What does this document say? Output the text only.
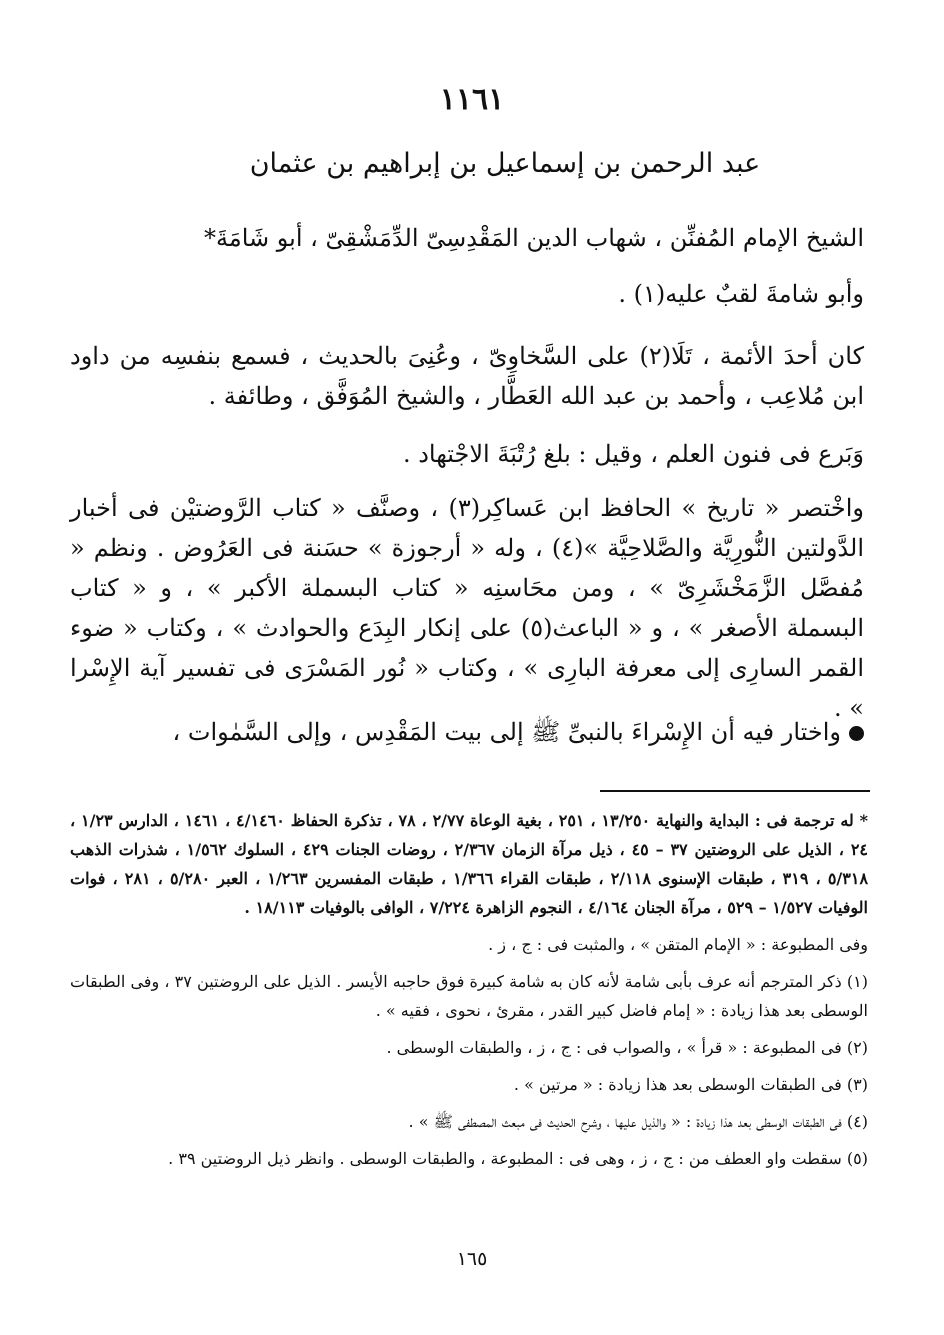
١١٦١
عبد الرحمن بن إسماعيل بن إبراهيم بن عثمان
الشيخ الإمام المُفنِّن ، شهاب الدين المَقْدِسِىّ الدِّمَشْقِىّ ، أبو شَامَةَ*
وأبو شامةَ لقبٌ عليه(١) .
كان أحدَ الأئمة ، تَلَا(٢) على السَّخاوِىّ ، وعُنِىَ بالحديث ، فسمع بنفسِه من داود ابن مُلاعِب ، وأحمد بن عبد الله العَطَّار ، والشيخ المُوَفَّق ، وطائفة .
وَبَرع فى فنون العلم ، وقيل : بلغ رُتْبَةَ الاجْتهاد .
واخْتصر « تاريخ » الحافظ ابن عَساكِر(٣) ، وصنَّف « كتاب الرَّوضتيْن فى أخبار الدَّولتين النُّورِيَّة والصَّلاحِيَّة »(٤) ، وله « أرجوزة » حسَنة فى العَرُوض . ونظم « مُفصَّل الزَّمَخْشَرِىّ » ، ومن محَاسنِه « كتاب البسملة الأكبر » ، و « كتاب البسملة الأصغر » ، و « الباعث(٥) على إنكار البِدَع والحوادث » ، وكتاب « ضوء القمر السارِى إلى معرفة البارِى » ، وكتاب « نُور المَسْرَى فى تفسير آية الإِسْرا » .
واختار فيه أن الإِسْراءَ بالنبىِّ ﷺ إلى بيت المَقْدِس ، وإلى السَّمٰوات ،
* له ترجمة فى : البداية والنهاية ١٣/٢٥٠ ، ٢٥١ ، بغية الوعاة ٢/٧٧ ، ٧٨ ، تذكرة الحفاظ ٤/١٤٦٠ ، ١٤٦١ ، الدارس ١/٢٣ ، ٢٤ ، الذيل على الروضتين ٣٧ – ٤٥ ، ذيل مرآة الزمان ٢/٣٦٧ ، روضات الجنات ٤٢٩ ، السلوك ١/٥٦٢ ، شذرات الذهب ٥/٣١٨ ، ٣١٩ ، طبقات الإسنوى ٢/١١٨ ، طبقات القراء ١/٣٦٦ ، طبقات المفسرين ١/٢٦٣ ، العبر ٥/٢٨٠ ، ٢٨١ ، فوات الوفيات ١/٥٢٧ – ٥٢٩ ، مرآة الجنان ٤/١٦٤ ، النجوم الزاهرة ٧/٢٢٤ ، الوافى بالوفيات ١٨/١١٣ .
وفى المطبوعة : « الإمام المتقن » ، والمثبت فى : ج ، ز .
(١) ذكر المترجم أنه عرف بأبى شامة لأنه كان به شامة كبيرة فوق حاجبه الأيسر . الذيل على الروضتين ٣٧ ، وفى الطبقات الوسطى بعد هذا زيادة : « إمام فاضل كبير القدر ، مقرئ ، نحوى ، فقيه » .
(٢) فى المطبوعة : « قرأ » ، والصواب فى : ج ، ز ، والطبقات الوسطى .
(٣) فى الطبقات الوسطى بعد هذا زيادة : « مرتين » .
(٤) فى الطبقات الوسطى بعد هذا زيادة : « والذيل عليها ، وشرح الحديث فى مبعث المصطفى ﷺ » .
(٥) سقطت واو العطف من : ج ، ز ، وهى فى : المطبوعة ، والطبقات الوسطى . وانظر ذيل الروضتين ٣٩ .
١٦٥
